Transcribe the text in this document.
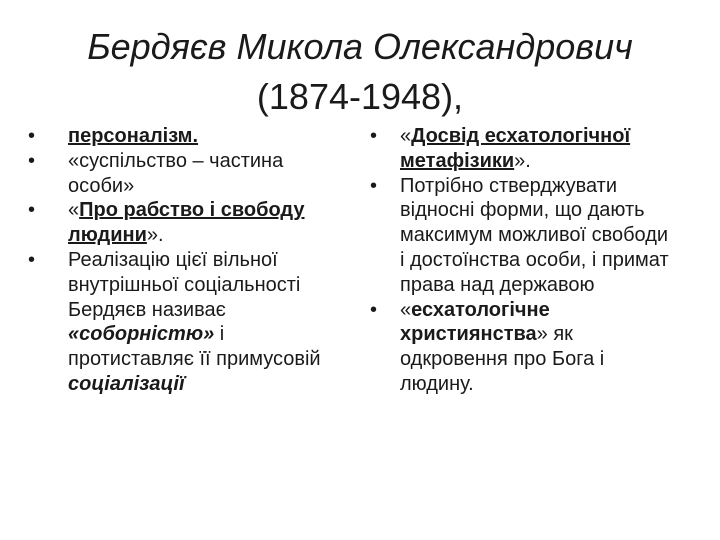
Бердяєв Микола Олександрович
(1874-1948),
• персоналізм.
• «суспільство – частина особи»
• «Про рабство і свободу людини».
• Реалізацію цієї вільної внутрішньої соціальності Бердяєв називає «соборністю» і протиставляє її примусовій соціалізації
• «Досвід есхатологічної метафізики».
• Потрібно стверджувати відносні форми, що дають максимум можливої свободи і достоїнства особи, і примат права над державою
• «есхатологічне християнства» як одкровення про Бога і людину.
